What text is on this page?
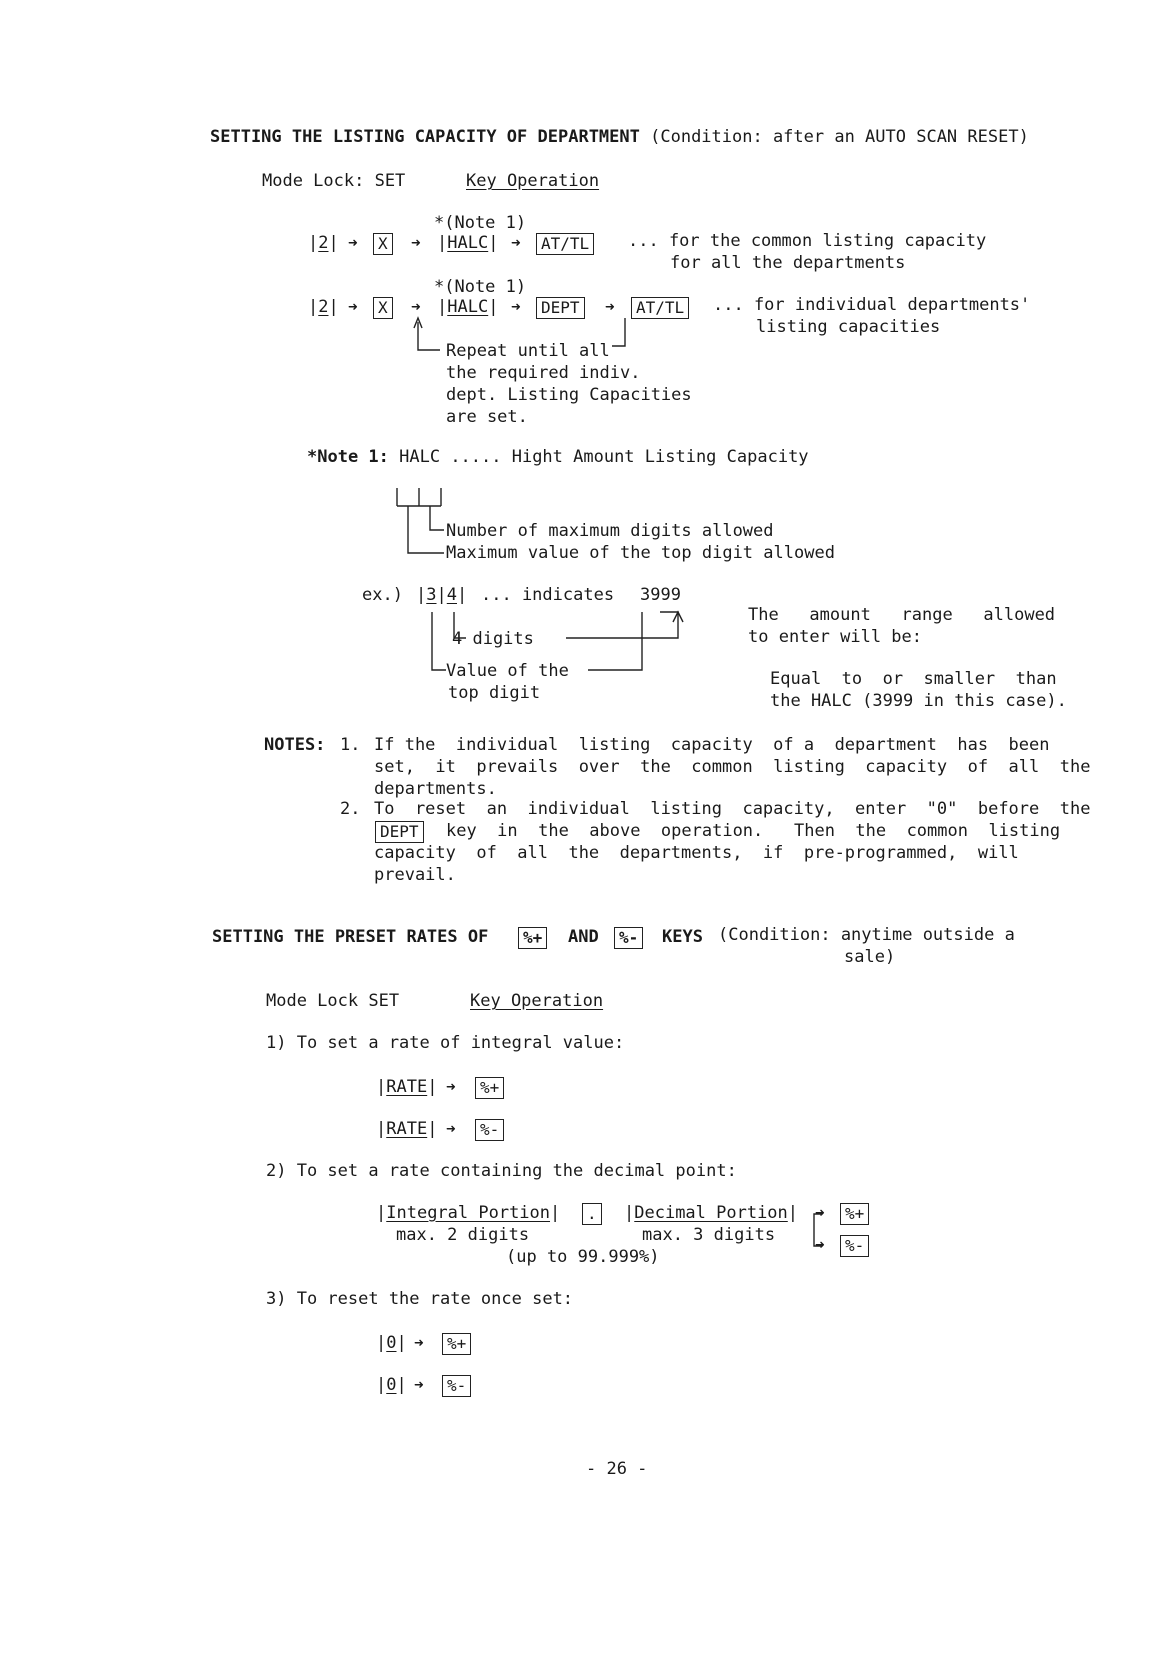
SETTING THE LISTING CAPACITY OF DEPARTMENT (Condition: after an AUTO SCAN RESET)
Mode Lock: SET	Key Operation
*(Note 1)
| 2| ➜	X	➜	| HALC| ➜	AT/TL ... for the common listing capacity
for all the departments
*(Note 1)
| 2| ➜	X	➜	| HALC| ➜	DEPT	➜	AT/TL ... for individual departments'
listing capacities
Repeat until all
the required indiv.
dept. Listing Capacities
are set.
*Note 1: HALC ..... Hight Amount Listing Capacity
Number of maximum digits allowed
Maximum value of the top digit allowed
ex.) |3|4| ... indicates 3999
4 digits
Value of the
top digit
The   amount   range   allowed
to enter will be:
Equal  to  or  smaller  than
the HALC (3999 in this case).
NOTES: 1. If the  individual  listing  capacity  of a  department  has  been
set,  it  prevails  over  the  common  listing  capacity  of  all  the
departments.
2. To  reset  an  individual  listing  capacity,  enter  "0"  before  the
DEPT key  in  the  above  operation.   Then  the  common  listing
capacity  of  all  the  departments,  if  pre-programmed,  will
prevail.
SETTING THE PRESET RATES OF	%+ AND	%- KEYS (Condition: anytime outside a
sale)
Mode Lock SET	Key Operation
1) To set a rate of integral value:
| RATE| ➜	%+
| RATE| ➜	%-
2) To set a rate containing the decimal point:
| Integral Portion|	.	| Decimal Portion|
max. 2 digits	max. 3 digits
(up to 99.999%)
➜	%+
➜	%-
3) To reset the rate once set:
| 0| ➜	%+
| 0| ➜	%-
- 26 -
